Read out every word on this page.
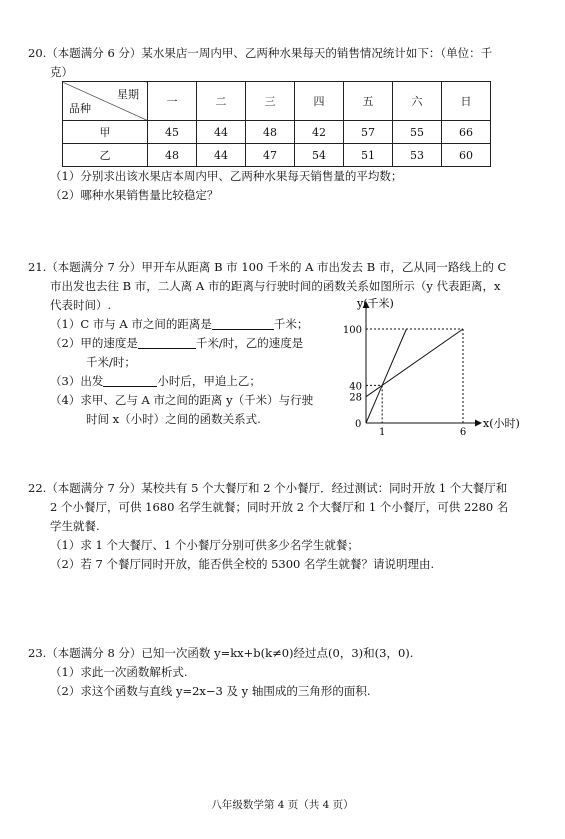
20.（本题满分 6 分）某水果店一周内甲、乙两种水果每天的销售情况统计如下：（单位：千
克）
星期
品种	一	二	三	四	五	六	日
甲	45	44	48	42	57	55	66
乙	48	44	47	54	51	53	60
（1）分别求出该水果店本周内甲、乙两种水果每天销售量的平均数；
（2）哪种水果销售量比较稳定？
21.（本题满分 7 分）甲开车从距离 B 市 100 千米的 A 市出发去 B 市，乙从同一路线上的 C
市出发也去往 B 市，二人离 A 市的距离与行驶时间的函数关系如图所示（y 代表距离，x
代表时间）.
（1）C 市与 A 市之间的距离是	千米；
（2）甲的速度是	千米/时，乙的速度是
千米/时；
（3）出发	小时后，甲追上乙；
（4）求甲、乙与 A 市之间的距离 y（千米）与行驶
时间 x（小时）之间的函数关系式.
y(千米)
x(小时)
0
100
40
28
1	6
22.（本题满分 7 分）某校共有 5 个大餐厅和 2 个小餐厅．经过测试：同时开放 1 个大餐厅和
2 个小餐厅，可供 1680 名学生就餐；同时开放 2 个大餐厅和 1 个小餐厅，可供 2280 名
学生就餐.
（1）求 1 个大餐厅、1 个小餐厅分别可供多少名学生就餐；
（2）若 7 个餐厅同时开放，能否供全校的 5300 名学生就餐？请说明理由.
23.（本题满分 8 分）已知一次函数 y=kx+b(k≠0)经过点(0，3)和(3，0).
（1）求此一次函数解析式.
（2）求这个函数与直线 y=2x−3 及 y 轴围成的三角形的面积.
八年级数学第 4 页（共 4 页）
